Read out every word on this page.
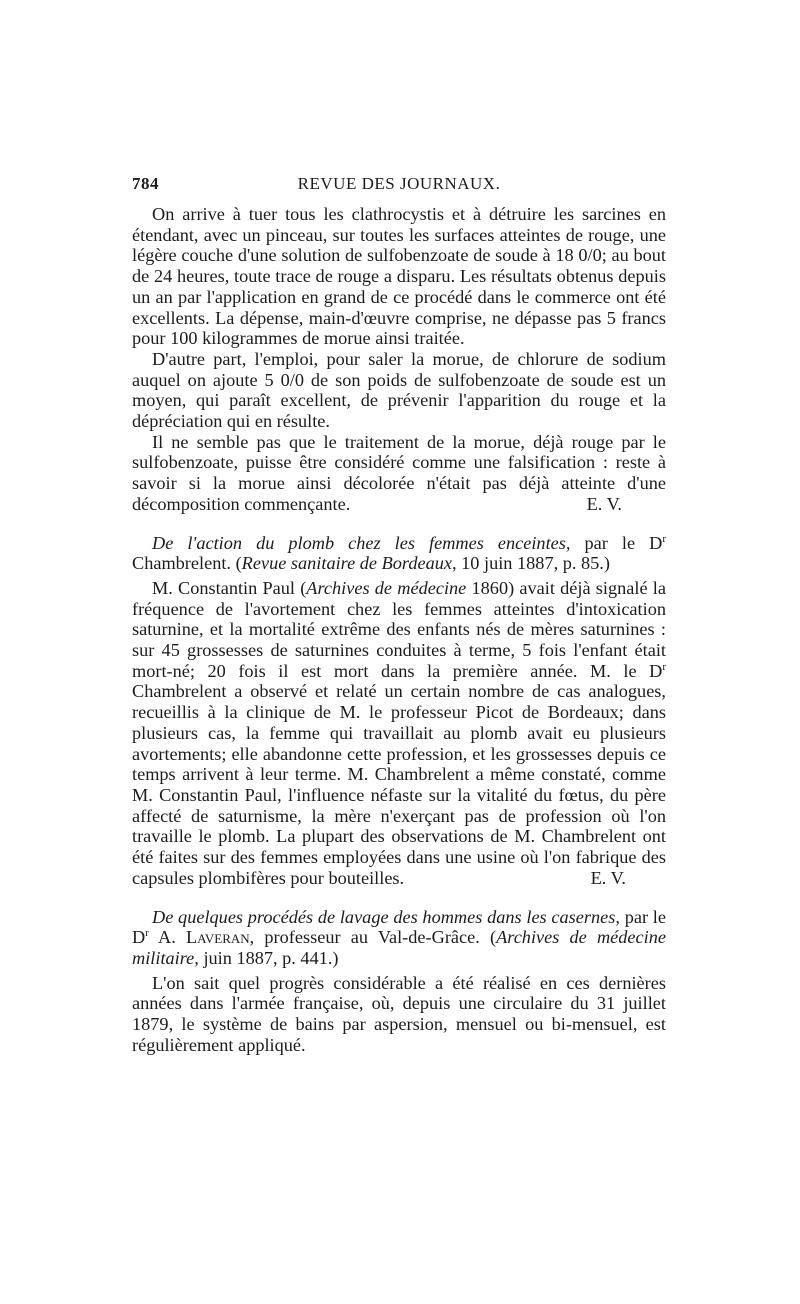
784	REVUE DES JOURNAUX.

On arrive à tuer tous les clathrocystis et à détruire les sarcines en étendant, avec un pinceau, sur toutes les surfaces atteintes de rouge, une légère couche d'une solution de sulfobenzoate de soude à 18 0/0; au bout de 24 heures, toute trace de rouge a disparu. Les résultats obtenus depuis un an par l'application en grand de ce procédé dans le commerce ont été excellents. La dépense, main-d'œuvre comprise, ne dépasse pas 5 francs pour 100 kilogrammes de morue ainsi traitée.

D'autre part, l'emploi, pour saler la morue, de chlorure de sodium auquel on ajoute 5 0/0 de son poids de sulfobenzoate de soude est un moyen, qui paraît excellent, de prévenir l'apparition du rouge et la dépréciation qui en résulte.

Il ne semble pas que le traitement de la morue, déjà rouge par le sulfobenzoate, puisse être considéré comme une falsification : reste à savoir si la morue ainsi décolorée n'était pas déjà atteinte d'une décomposition commençante.	E. V.

De l'action du plomb chez les femmes enceintes, par le $D^r$ Chambrelent. (Revue sanitaire de Bordeaux, 10 juin 1887, p. 85.)

M. Constantin Paul (Archives de médecine 1860) avait déjà signalé la fréquence de l'avortement chez les femmes atteintes d'intoxication saturnine, et la mortalité extrême des enfants nés de mères saturnines : sur 45 grossesses de saturnines conduites à terme, 5 fois l'enfant était mort-né; 20 fois il est mort dans la première année. M. le $D^r$ Chambrelent a observé et relaté un certain nombre de cas analogues, recueillis à la clinique de M. le professeur Picot de Bordeaux; dans plusieurs cas, la femme qui travaillait au plomb avait eu plusieurs avortements; elle abandonne cette profession, et les grossesses depuis ce temps arrivent à leur terme. M. Chambrelent a même constaté, comme M. Constantin Paul, l'influence néfaste sur la vitalité du fœtus, du père affecté de saturnisme, la mère n'exerçant pas de profession où l'on travaille le plomb. La plupart des observations de M. Chambrelent ont été faites sur des femmes employées dans une usine où l'on fabrique des capsules plombifères pour bouteilles.	E. V.

De quelques procédés de lavage des hommes dans les casernes, par le $D^r$ A. Laveran, professeur au Val-de-Grâce. (Archives de médecine militaire, juin 1887, p. 441.)

L'on sait quel progrès considérable a été réalisé en ces dernières années dans l'armée française, où, depuis une circulaire du 31 juillet 1879, le système de bains par aspersion, mensuel ou bi-mensuel, est régulièrement appliqué.
